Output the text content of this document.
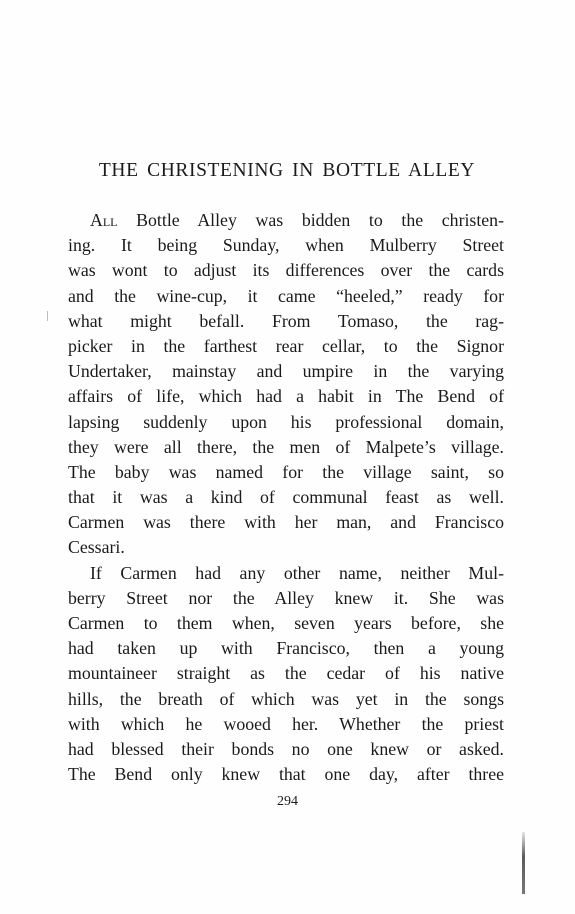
THE CHRISTENING IN BOTTLE ALLEY
All Bottle Alley was bidden to the christen-
ing. It being Sunday, when Mulberry Street
was wont to adjust its differences over the cards
and the wine-cup, it came “heeled,” ready for
what might befall. From Tomaso, the rag-
picker in the farthest rear cellar, to the Signor
Undertaker, mainstay and umpire in the varying
affairs of life, which had a habit in The Bend of
lapsing suddenly upon his professional domain,
they were all there, the men of Malpete’s village.
The baby was named for the village saint, so
that it was a kind of communal feast as well.
Carmen was there with her man, and Francisco
Cessari.
If Carmen had any other name, neither Mul-
berry Street nor the Alley knew it. She was
Carmen to them when, seven years before, she
had taken up with Francisco, then a young
mountaineer straight as the cedar of his native
hills, the breath of which was yet in the songs
with which he wooed her. Whether the priest
had blessed their bonds no one knew or asked.
The Bend only knew that one day, after three
294
